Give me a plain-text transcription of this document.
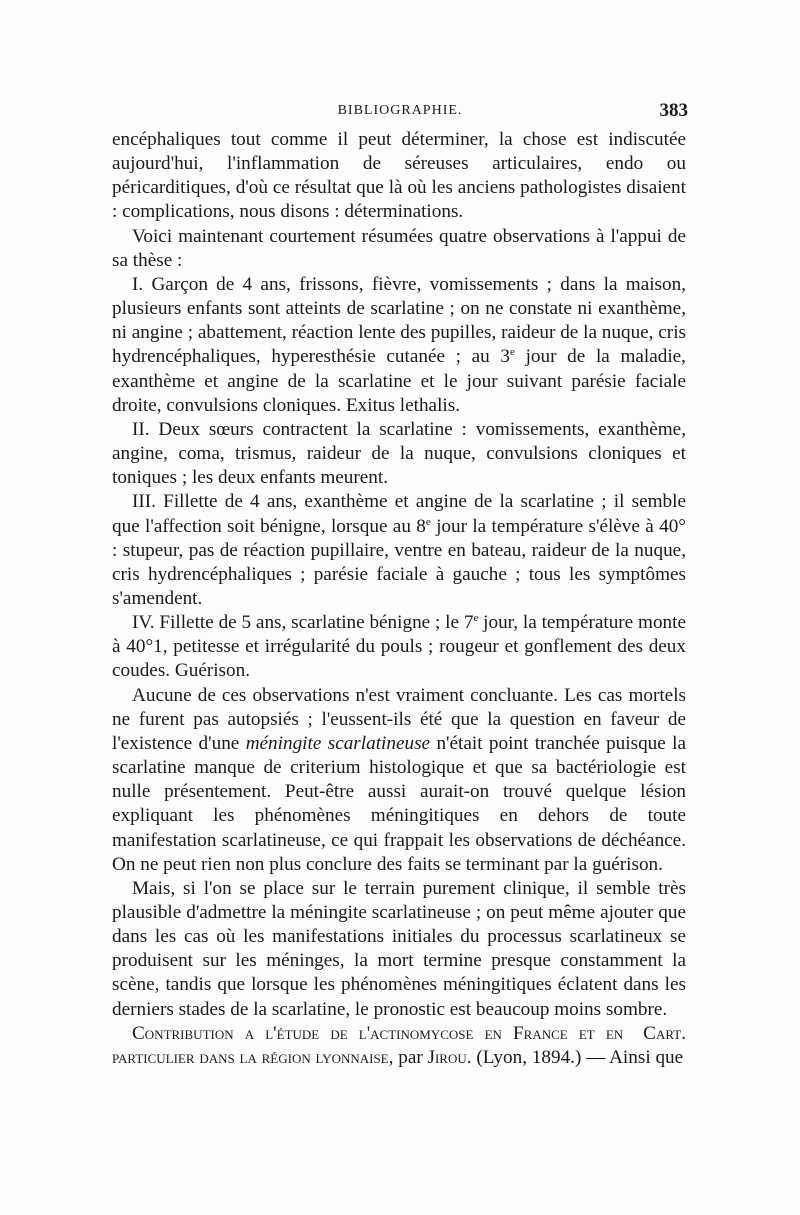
BIBLIOGRAPHIE.	383

encéphaliques tout comme il peut déterminer, la chose est indiscutée aujourd'hui, l'inflammation de séreuses articulaires, endo ou péricarditiques, d'où ce résultat que là où les anciens pathologistes disaient : complications, nous disons : déterminations.

Voici maintenant courtement résumées quatre observations à l'appui de sa thèse :

I. Garçon de 4 ans, frissons, fièvre, vomissements ; dans la maison, plusieurs enfants sont atteints de scarlatine ; on ne constate ni exanthème, ni angine ; abattement, réaction lente des pupilles, raideur de la nuque, cris hydrencéphaliques, hyperesthésie cutanée ; au 3e jour de la maladie, exanthème et angine de la scarlatine et le jour suivant parésie faciale droite, convulsions cloniques. Exitus lethalis.

II. Deux sœurs contractent la scarlatine : vomissements, exanthème, angine, coma, trismus, raideur de la nuque, convulsions cloniques et toniques ; les deux enfants meurent.

III. Fillette de 4 ans, exanthème et angine de la scarlatine ; il semble que l'affection soit bénigne, lorsque au 8e jour la température s'élève à 40° : stupeur, pas de réaction pupillaire, ventre en bateau, raideur de la nuque, cris hydrencéphaliques ; parésie faciale à gauche ; tous les symptômes s'amendent.

IV. Fillette de 5 ans, scarlatine bénigne ; le 7e jour, la température monte à 40°1, petitesse et irrégularité du pouls ; rougeur et gonflement des deux coudes. Guérison.

Aucune de ces observations n'est vraiment concluante. Les cas mortels ne furent pas autopsiés ; l'eussent-ils été que la question en faveur de l'existence d'une méningite scarlatineuse n'était point tranchée puisque la scarlatine manque de criterium histologique et que sa bactériologie est nulle présentement. Peut-être aussi aurait-on trouvé quelque lésion expliquant les phénomènes méningitiques en dehors de toute manifestation scarlatineuse, ce qui frappait les observations de déchéance. On ne peut rien non plus conclure des faits se terminant par la guérison.

Mais, si l'on se place sur le terrain purement clinique, il semble très plausible d'admettre la méningite scarlatineuse ; on peut même ajouter que dans les cas où les manifestations initiales du processus scarlatineux se produisent sur les méninges, la mort termine presque constamment la scène, tandis que lorsque les phénomènes méningitiques éclatent dans les derniers stades de la scarlatine, le pronostic est beaucoup moins sombre.
Cart.

Contribution a l'étude de l'actinomycose en France et en particulier dans la région lyonnaise, par Jirou. (Lyon, 1894.) — Ainsi que
